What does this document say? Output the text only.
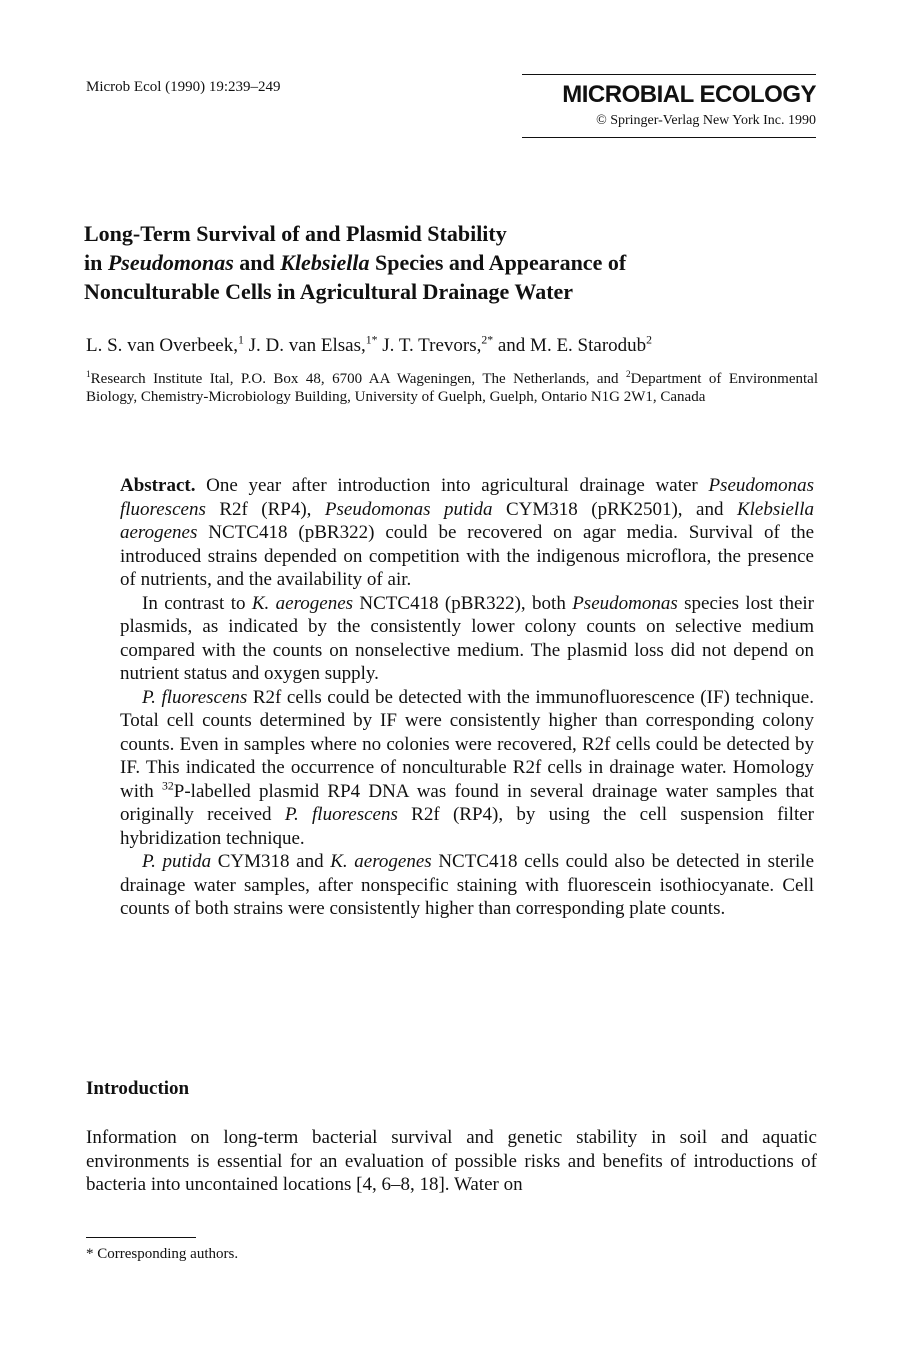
Microb Ecol (1990) 19:239–249	MICROBIAL ECOLOGY
© Springer-Verlag New York Inc. 1990
Long-Term Survival of and Plasmid Stability
in Pseudomonas and Klebsiella Species and Appearance of
Nonculturable Cells in Agricultural Drainage Water
L. S. van Overbeek,$^1$ J. D. van Elsas,$^{1*}$ J. T. Trevors,$^{2*}$ and M. E. Starodub$^2$
$^1$Research Institute Ital, P.O. Box 48, 6700 AA Wageningen, The Netherlands, and $^2$Department of Environmental Biology, Chemistry-Microbiology Building, University of Guelph, Guelph, Ontario N1G 2W1, Canada

Abstract. One year after introduction into agricultural drainage water Pseudomonas fluorescens R2f (RP4), Pseudomonas putida CYM318 (pRK2501), and Klebsiella aerogenes NCTC418 (pBR322) could be recovered on agar media. Survival of the introduced strains depended on competition with the indigenous microflora, the presence of nutrients, and the availability of air.

In contrast to K. aerogenes NCTC418 (pBR322), both Pseudomonas species lost their plasmids, as indicated by the consistently lower colony counts on selective medium compared with the counts on nonselective medium. The plasmid loss did not depend on nutrient status and oxygen supply.

P. fluorescens R2f cells could be detected with the immunofluorescence (IF) technique. Total cell counts determined by IF were consistently higher than corresponding colony counts. Even in samples where no colonies were recovered, R2f cells could be detected by IF. This indicated the occurrence of nonculturable R2f cells in drainage water. Homology with $^{32}$P-labelled plasmid RP4 DNA was found in several drainage water samples that originally received P. fluorescens R2f (RP4), by using the cell suspension filter hybridization technique.

P. putida CYM318 and K. aerogenes NCTC418 cells could also be detected in sterile drainage water samples, after nonspecific staining with fluorescein isothiocyanate. Cell counts of both strains were consistently higher than corresponding plate counts.

Introduction

Information on long-term bacterial survival and genetic stability in soil and aquatic environments is essential for an evaluation of possible risks and benefits of introductions of bacteria into uncontained locations [4, 6–8, 18]. Water on

* Corresponding authors.
